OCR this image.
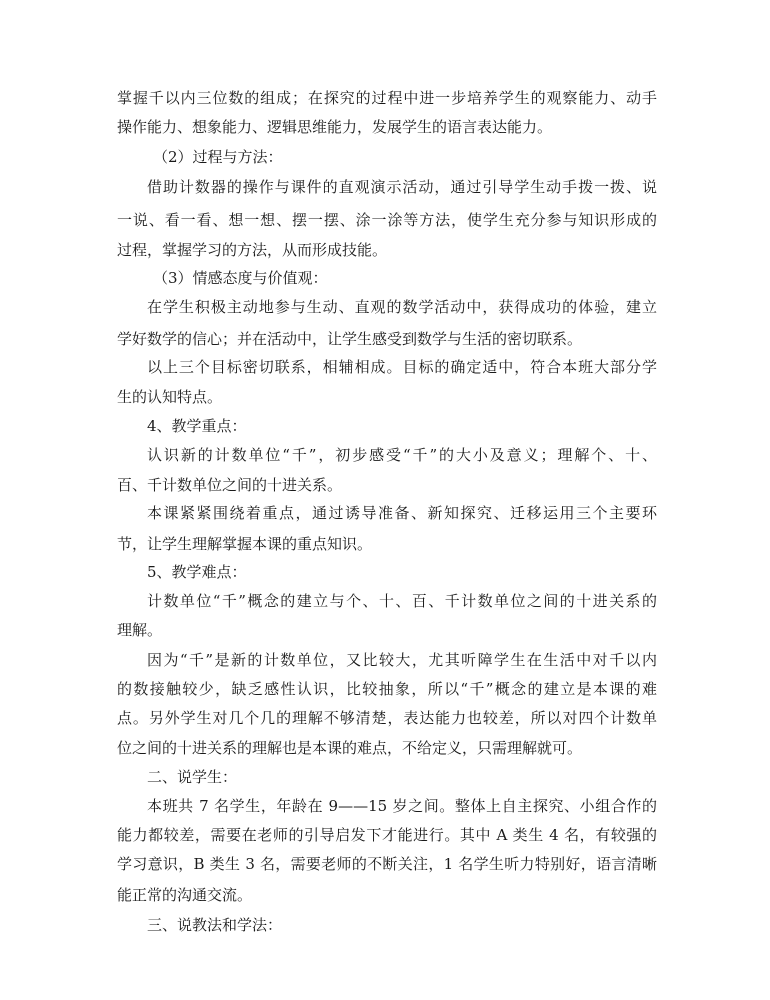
掌握千以内三位数的组成；在探究的过程中进一步培养学生的观察能力、动手
操作能力、想象能力、逻辑思维能力，发展学生的语言表达能力。
（2）过程与方法：
借助计数器的操作与课件的直观演示活动，通过引导学生动手拨一拨、说
一说、看一看、想一想、摆一摆、涂一涂等方法，使学生充分参与知识形成的
过程，掌握学习的方法，从而形成技能。
（3）情感态度与价值观：
在学生积极主动地参与生动、直观的数学活动中，获得成功的体验，建立
学好数学的信心；并在活动中，让学生感受到数学与生活的密切联系。
以上三个目标密切联系，相辅相成。目标的确定适中，符合本班大部分学
生的认知特点。
4、教学重点：
认识新的计数单位“千”，初步感受“千”的大小及意义；理解个、十、
百、千计数单位之间的十进关系。
本课紧紧围绕着重点，通过诱导准备、新知探究、迁移运用三个主要环
节，让学生理解掌握本课的重点知识。
5、教学难点：
计数单位“千”概念的建立与个、十、百、千计数单位之间的十进关系的
理解。
因为“千”是新的计数单位，又比较大，尤其听障学生在生活中对千以内
的数接触较少，缺乏感性认识，比较抽象，所以“千”概念的建立是本课的难
点。另外学生对几个几的理解不够清楚，表达能力也较差，所以对四个计数单
位之间的十进关系的理解也是本课的难点，不给定义，只需理解就可。
二、说学生：
本班共 7 名学生，年龄在 9——15 岁之间。整体上自主探究、小组合作的
能力都较差，需要在老师的引导启发下才能进行。其中 A 类生 4 名，有较强的
学习意识，B 类生 3 名，需要老师的不断关注，1 名学生听力特别好，语言清晰
能正常的沟通交流。
三、说教法和学法：
